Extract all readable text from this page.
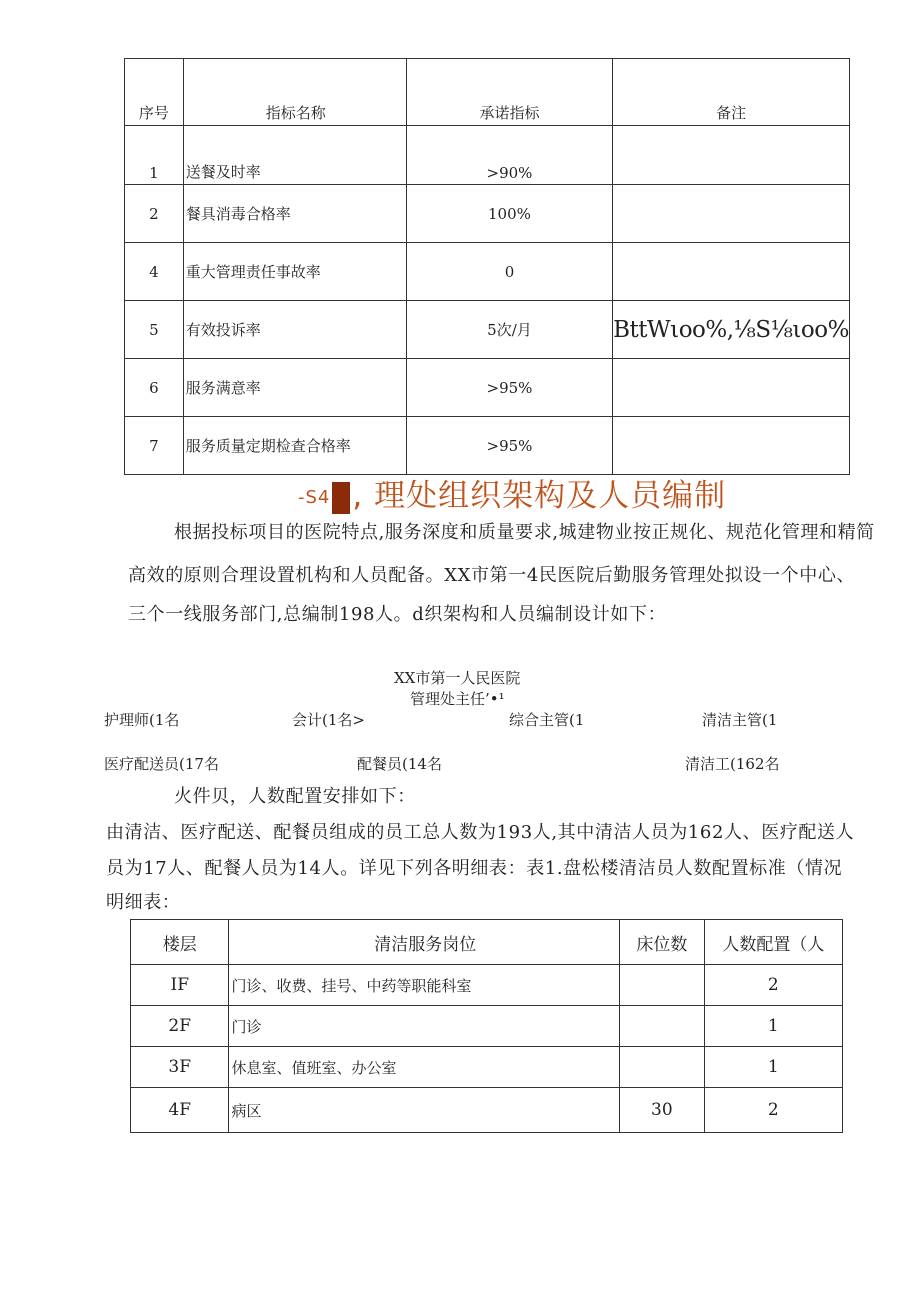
序号	指标名称	承诺指标	备注
1	送餐及时率	>90%	
2	餐具消毒合格率	100%	
4	重大管理责任事故率	0	
5	有效投诉率	5次/月	BttWιoo%,⅛S⅛ιoo%
6	服务满意率	>95%	
7	服务质量定期检查合格率	>95%	
-S4 , 理处组织架构及人员编制
根据投标项目的医院特点,服务深度和质量要求,城建物业按正规化、规范化管理和精简
高效的原则合理设置机构和人员配备。XX市第一4民医院后勤服务管理处拟设一个中心、
三个一线服务部门,总编制198人。d织架构和人员编制设计如下：
XX市第一人民医院
管理处主任’•¹
护理师(1名	会计(1名>	综合主管(1	清洁主管(1
医疗配送员(17名	配餐员(14名	清洁工(162名
火件贝，人数配置安排如下：
由清洁、医疗配送、配餐员组成的员工总人数为193人,其中清洁人员为162人、医疗配送人
员为17人、配餐人员为14人。详见下列各明细表：表1.盘松楼清洁员人数配置标准（情况
明细表：
楼层	清洁服务岗位	床位数	人数配置（人
IF	门诊、收费、挂号、中药等职能科室		2
2F	门诊		1
3F	休息室、值班室、办公室		1
4F	病区	30	2
